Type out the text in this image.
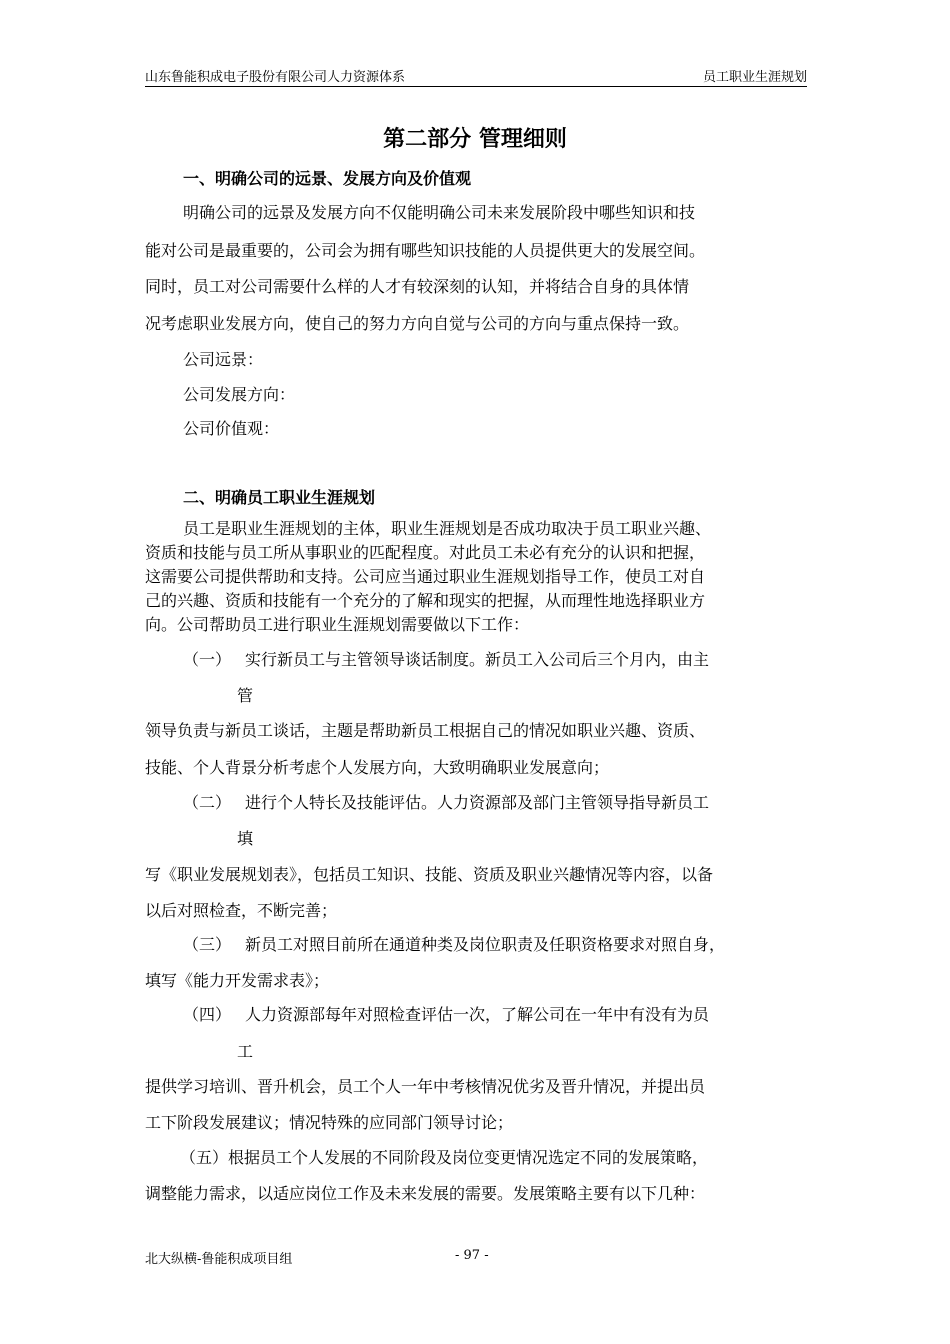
山东鲁能积成电子股份有限公司人力资源体系	员工职业生涯规划
第二部分 管理细则
一、明确公司的远景、发展方向及价值观
明确公司的远景及发展方向不仅能明确公司未来发展阶段中哪些知识和技
能对公司是最重要的，公司会为拥有哪些知识技能的人员提供更大的发展空间。
同时，员工对公司需要什么样的人才有较深刻的认知，并将结合自身的具体情
况考虑职业发展方向，使自己的努力方向自觉与公司的方向与重点保持一致。
公司远景：
公司发展方向：
公司价值观：
二、明确员工职业生涯规划
员工是职业生涯规划的主体，职业生涯规划是否成功取决于员工职业兴趣、
资质和技能与员工所从事职业的匹配程度。对此员工未必有充分的认识和把握，
这需要公司提供帮助和支持。公司应当通过职业生涯规划指导工作，使员工对自
己的兴趣、资质和技能有一个充分的了解和现实的把握，从而理性地选择职业方
向。公司帮助员工进行职业生涯规划需要做以下工作：
（一） 实行新员工与主管领导谈话制度。新员工入公司后三个月内，由主
管
领导负责与新员工谈话，主题是帮助新员工根据自己的情况如职业兴趣、资质、
技能、个人背景分析考虑个人发展方向，大致明确职业发展意向；
（二） 进行个人特长及技能评估。人力资源部及部门主管领导指导新员工
填
写《职业发展规划表》，包括员工知识、技能、资质及职业兴趣情况等内容，以备
以后对照检查，不断完善；
（三） 新员工对照目前所在通道种类及岗位职责及任职资格要求对照自身，
填写《能力开发需求表》；
（四） 人力资源部每年对照检查评估一次，了解公司在一年中有没有为员
工
提供学习培训、晋升机会，员工个人一年中考核情况优劣及晋升情况，并提出员
工下阶段发展建议；情况特殊的应同部门领导讨论；
（五）根据员工个人发展的不同阶段及岗位变更情况选定不同的发展策略，
调整能力需求，以适应岗位工作及未来发展的需要。发展策略主要有以下几种：
北大纵横-鲁能积成项目组	- 97 -
